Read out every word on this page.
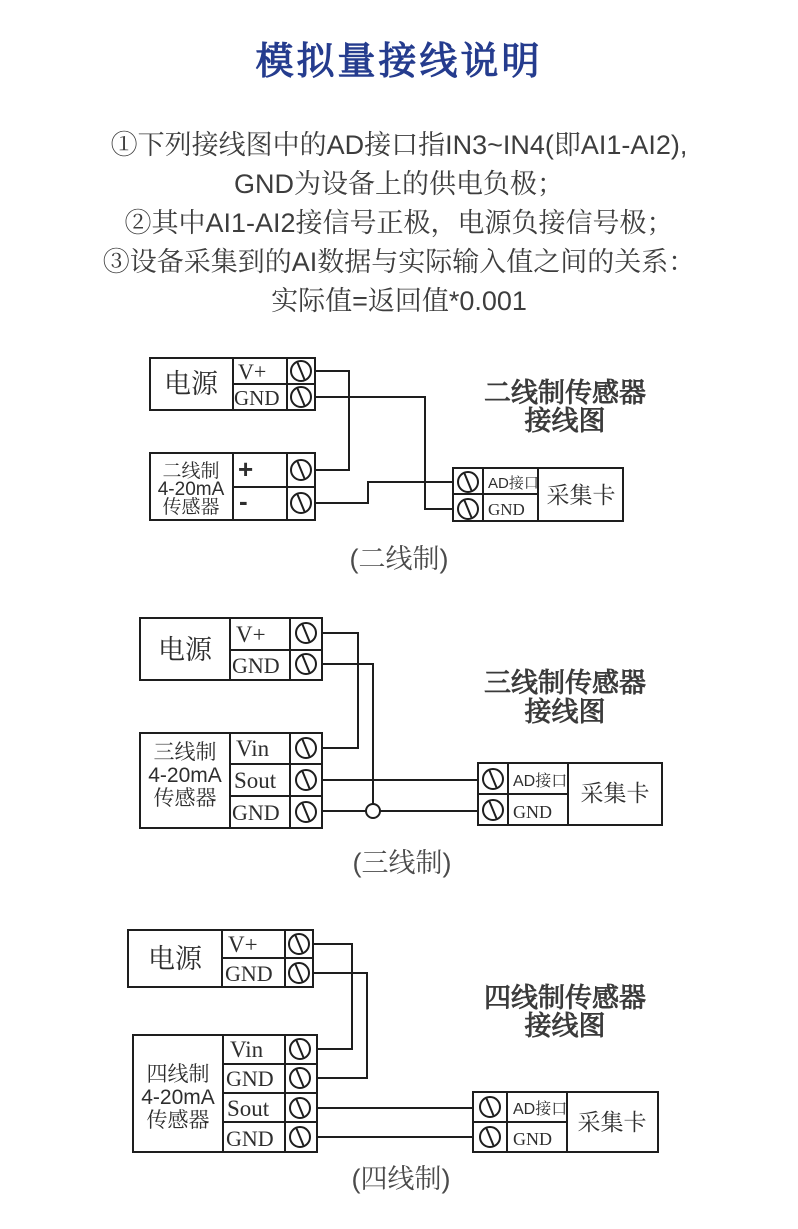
模拟量接线说明
①下列接线图中的AD接口指IN3~IN4(即AI1-AI2),
GND为设备上的供电负极；
②其中AI1-AI2接信号正极，电源负接信号极；
③设备采集到的AI数据与实际输入值之间的关系：
实际值=返回值*0.001
电源 V+
GND
二线制
4-20mA
传感器
+
-
AD接口
GND
采集卡
二线制传感器
接线图
(二线制)
电源
V+
GND
三线制
4-20mA
传感器
Vin
Sout
GND
AD接口
GND
采集卡
三线制传感器
接线图
(三线制)
电源 V+
GND
四线制
4-20mA
传感器
Vin
GND
Sout
GND
AD接口
GND
采集卡
四线制传感器
接线图
(四线制)
